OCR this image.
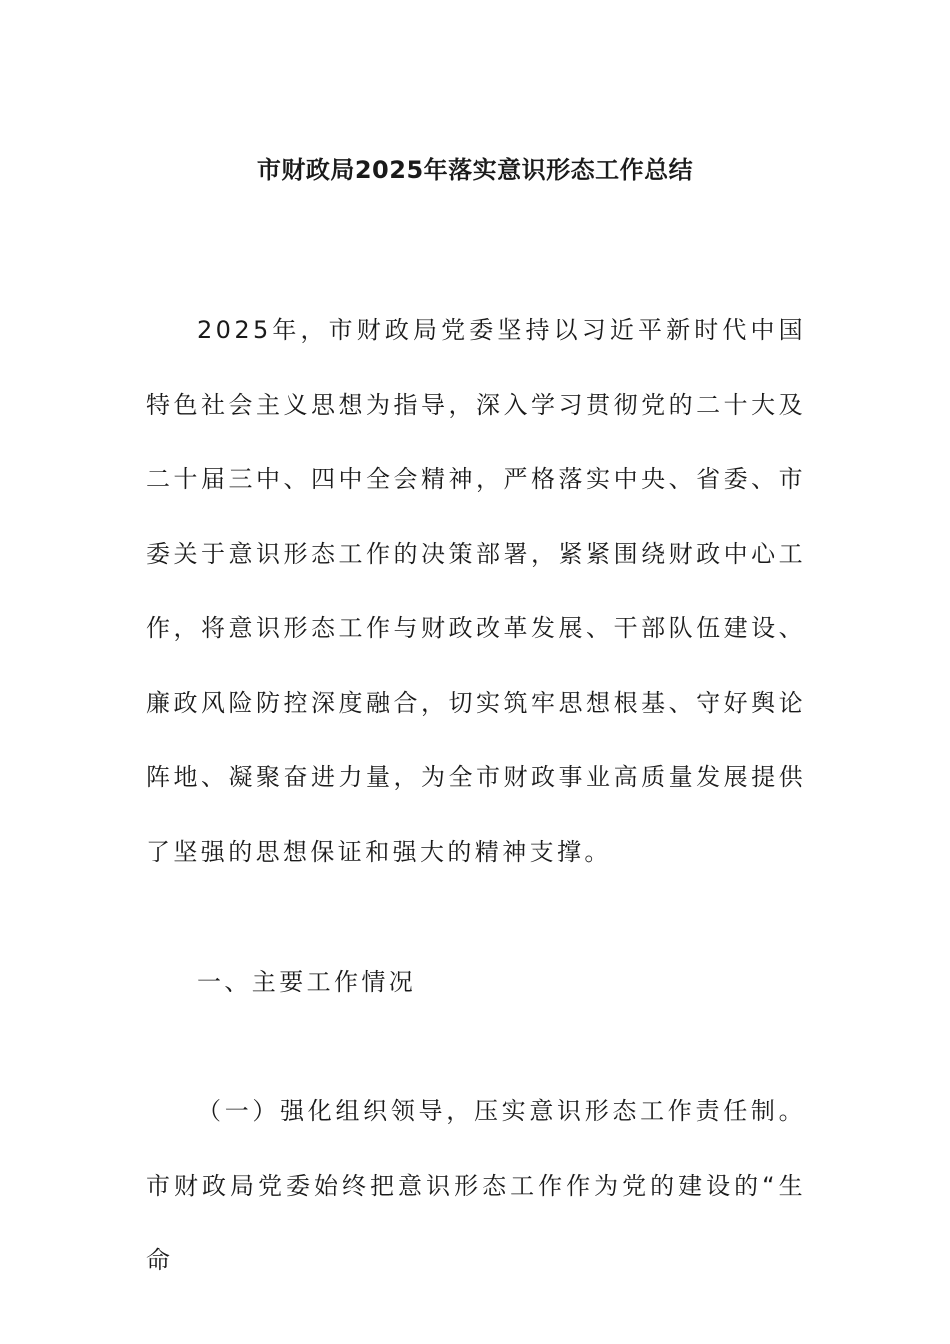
市财政局2025年落实意识形态工作总结

2025年，市财政局党委坚持以习近平新时代中国特色社会主义思想为指导，深入学习贯彻党的二十大及二十届三中、四中全会精神，严格落实中央、省委、市委关于意识形态工作的决策部署，紧紧围绕财政中心工作，将意识形态工作与财政改革发展、干部队伍建设、廉政风险防控深度融合，切实筑牢思想根基、守好舆论阵地、凝聚奋进力量，为全市财政事业高质量发展提供了坚强的思想保证和强大的精神支撑。

一、主要工作情况

（一）强化组织领导，压实意识形态工作责任制。市财政局党委始终把意识形态工作作为党的建设的“生命
